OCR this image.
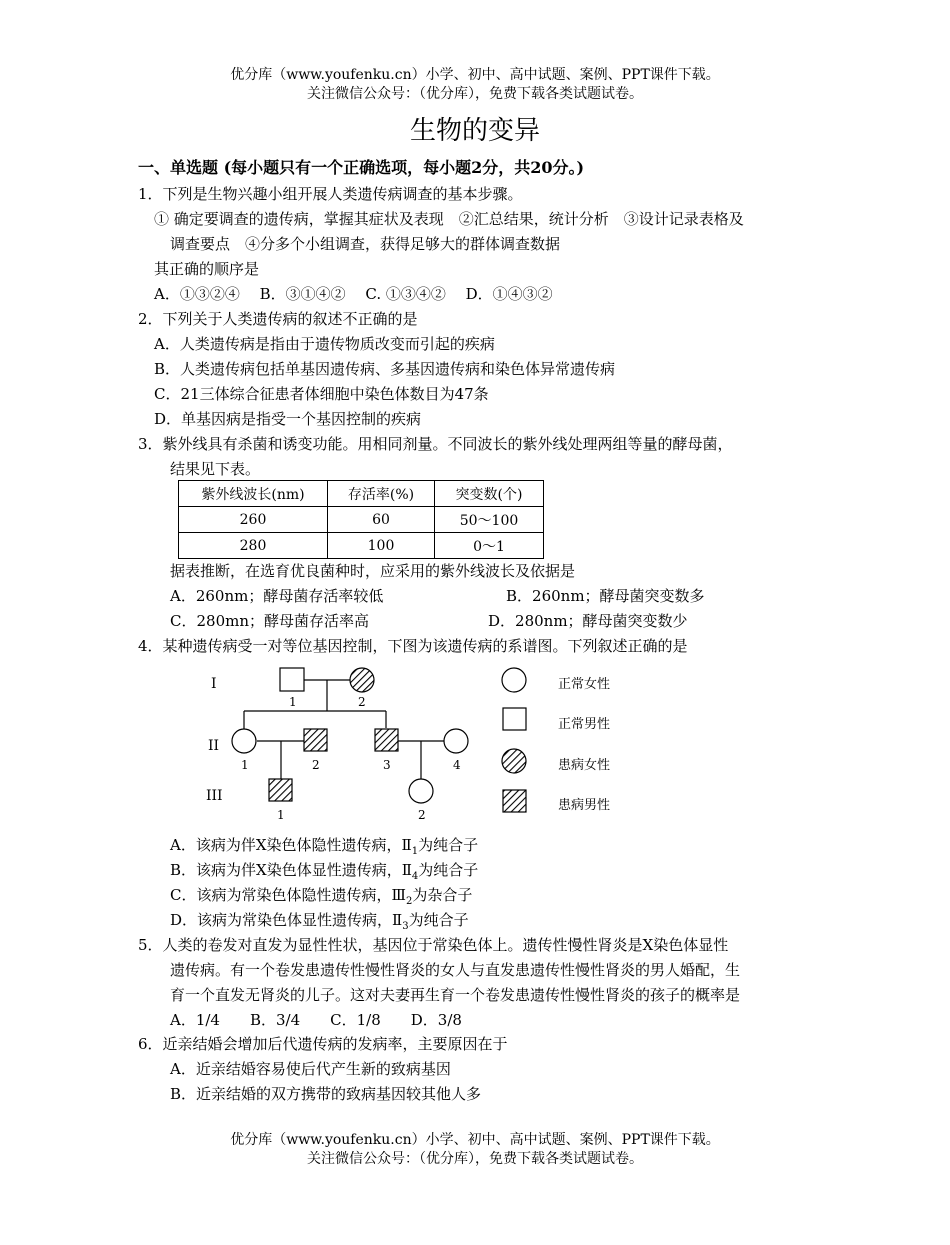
优分库（www.youfenku.cn）小学、初中、高中试题、案例、PPT课件下载。
关注微信公众号：（优分库），免费下载各类试题试卷。
生物的变异
一、单选题 (每小题只有一个正确选项，每小题2分，共20分。)
1．下列是生物兴趣小组开展人类遗传病调查的基本步骤。
① 确定要调查的遗传病，掌握其症状及表现　②汇总结果，统计分析　③设计记录表格及
调查要点　④分多个小组调查，获得足够大的群体调查数据
其正确的顺序是
A．①③②④　 B．③①④②　 C. ①③④②　 D．①④③②
2．下列关于人类遗传病的叙述不正确的是
A．人类遗传病是指由于遗传物质改变而引起的疾病
B．人类遗传病包括单基因遗传病、多基因遗传病和染色体异常遗传病
C．21三体综合征患者体细胞中染色体数目为47条
D．单基因病是指受一个基因控制的疾病
3．紫外线具有杀菌和诱变功能。用相同剂量。不同波长的紫外线处理两组等量的酵母菌，
结果见下表。
紫外线波长(nm)	存活率(%)	突变数(个)
260	60	50～100
280	100	0～1
据表推断，在选育优良菌种时，应采用的紫外线波长及依据是
A．260nm；酵母菌存活率较低	B．260nm；酵母菌突变数多
C．280mn；酵母菌存活率高	D．280nm；酵母菌突变数少
4．某种遗传病受一对等位基因控制，下图为该遗传病的系谱图。下列叙述正确的是
I
II
III
1	2
1	2	3	4
1	2
正常女性
正常男性
患病女性
患病男性
A．该病为伴X染色体隐性遗传病，$Ⅱ_1$为纯合子
B．该病为伴X染色体显性遗传病，$Ⅱ_4$为纯合子
C．该病为常染色体隐性遗传病，$Ⅲ_2$为杂合子
D．该病为常染色体显性遗传病，$Ⅱ_3$为纯合子
5．人类的卷发对直发为显性性状，基因位于常染色体上。遗传性慢性肾炎是X染色体显性
遗传病。有一个卷发患遗传性慢性肾炎的女人与直发患遗传性慢性肾炎的男人婚配，生
育一个直发无肾炎的儿子。这对夫妻再生育一个卷发患遗传性慢性肾炎的孩子的概率是
A．1/4　　B．3/4　　C．1/8　　D．3/8
6．近亲结婚会增加后代遗传病的发病率，主要原因在于
A．近亲结婚容易使后代产生新的致病基因
B．近亲结婚的双方携带的致病基因较其他人多
优分库（www.youfenku.cn）小学、初中、高中试题、案例、PPT课件下载。
关注微信公众号：（优分库），免费下载各类试题试卷。
